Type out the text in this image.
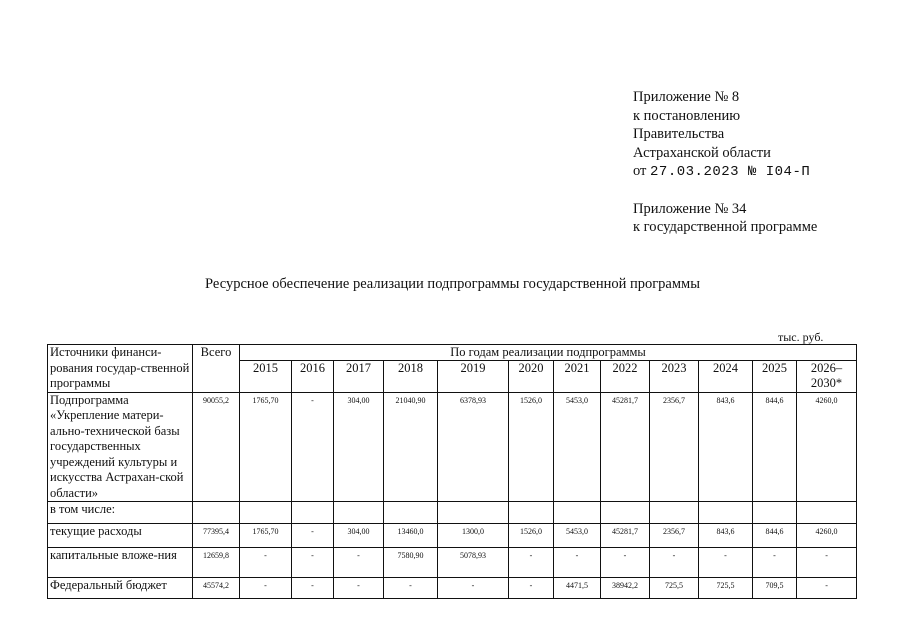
Приложение № 8
к постановлению
Правительства
Астраханской области
от 27.03.2023 № I04-П
Приложение № 34
к государственной программе
Ресурсное обеспечение реализации подпрограммы государственной программы
тыс. руб.
Источники финанси-рования государ-ственной программы	Всего	По годам реализации подпрограммы											
		2015	2016	2017	2018	2019	2020	2021	2022	2023	2024	2025	2026–2030*
Подпрограмма «Укрепление матери-ально-технической базы государственных учреждений культуры и искусства Астрахан-ской области»	90055,2	1765,70	-	304,00	21040,90	6378,93	1526,0	5453,0	45281,7	2356,7	843,6	844,6	4260,0
в том числе:													
текущие расходы	77395,4	1765,70	-	304,00	13460,0	1300,0	1526,0	5453,0	45281,7	2356,7	843,6	844,6	4260,0
капитальные вложе-ния	12659,8	-	-	-	7580,90	5078,93	-	-	-	-	-	-	-
Федеральный бюджет	45574,2	-	-	-	-	-	-	4471,5	38942,2	725,5	725,5	709,5	-
